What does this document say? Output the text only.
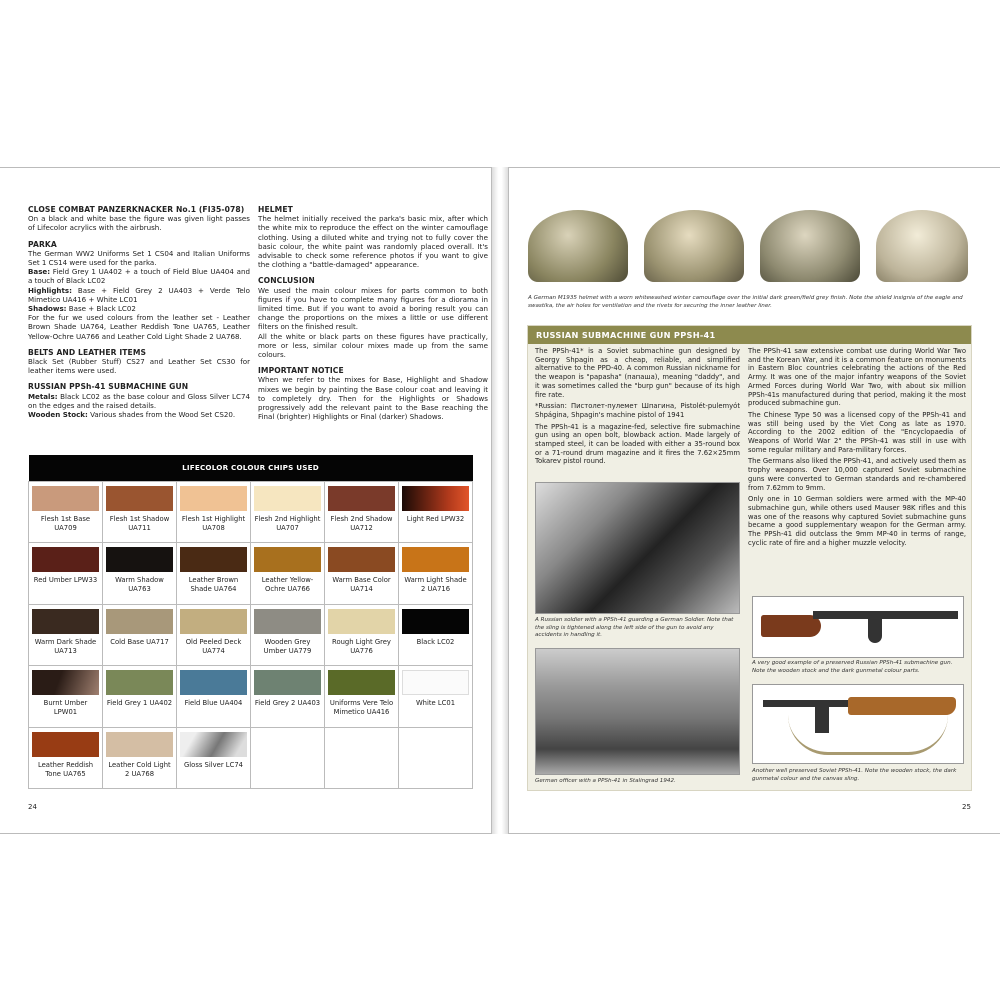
CLOSE COMBAT PANZERKNACKER No.1 (FI35-078)
On a black and white base the figure was given light passes of Lifecolor acrylics with the airbrush.
PARKA
The German WW2 Uniforms Set 1 CS04 and Italian Uniforms Set 1 CS14 were used for the parka.
Base: Field Grey 1 UA402 + a touch of Field Blue UA404 and a touch of Black LC02
Highlights: Base + Field Grey 2 UA403 + Verde Telo Mimetico UA416 + White LC01
Shadows: Base + Black LC02
For the fur we used colours from the leather set - Leather Brown Shade UA764, Leather Reddish Tone UA765, Leather Yellow-Ochre UA766 and Leather Cold Light Shade 2 UA768.
BELTS AND LEATHER ITEMS
Black Set (Rubber Stuff) CS27 and Leather Set CS30 for leather items were used.
RUSSIAN PPSh-41 SUBMACHINE GUN
Metals: Black LC02 as the base colour and Gloss Silver LC74 on the edges and the raised details.
Wooden Stock: Various shades from the Wood Set CS20.
HELMET
The helmet initially received the parka's basic mix, after which the white mix to reproduce the effect on the winter camouflage clothing. Using a diluted white and trying not to fully cover the basic colour, the white paint was randomly placed overall. It's advisable to check some reference photos if you want to give the clothing a "battle-damaged" appearance.
CONCLUSION
We used the main colour mixes for parts common to both figures if you have to complete many figures for a diorama in limited time. But if you want to avoid a boring result you can change the proportions on the mixes a little or use different filters on the finished result.
All the white or black parts on these figures have practically, more or less, similar colour mixes made up from the same colours.
IMPORTANT NOTICE
When we refer to the mixes for Base, Highlight and Shadow mixes we begin by painting the Base colour coat and leaving it to completely dry. Then for the Highlights or Shadows progressively add the relevant paint to the Base reaching the Final (brighter) Highlights or Final (darker) Shadows.
LIFECOLOR COLOUR CHIPS USED					

Flesh 1st Base UA709	Flesh 1st Shadow UA711	Flesh 1st Highlight UA708	Flesh 2nd Highlight UA707	Flesh 2nd Shadow UA712	Light Red LPW32

Red Umber LPW33	Warm Shadow UA763	Leather Brown Shade UA764	Leather Yellow-Ochre UA766	Warm Base Color UA714	Warm Light Shade 2 UA716

Warm Dark Shade UA713	Cold Base UA717	Old Peeled Deck UA774	Wooden Grey Umber UA779	Rough Light Grey UA776	Black LC02

Burnt Umber LPW01	Field Grey 1 UA402	Field Blue UA404	Field Grey 2 UA403	Uniforms Vere Telo Mimetico UA416	White LC01

Leather Reddish Tone UA765	Leather Cold Light 2 UA768	Gloss Silver LC74			

24
A German M1935 helmet with a worn whitewashed winter camouflage over the initial dark green/field grey finish. Note the shield insignia of the eagle and swastika, the air holes for ventilation and the rivets for securing the inner leather liner.
RUSSIAN SUBMACHINE GUN PPSH-41

The PPSh-41* is a Soviet submachine gun designed by Georgy Shpagin as a cheap, reliable, and simplified alternative to the PPD-40. A common Russian nickname for the weapon is "papasha" (папаша), meaning "daddy", and it was sometimes called the "burp gun" because of its high fire rate.

*Russian: Пистолет-пулемет Шпагина, Pistolét-pulemyót Shpágina, Shpagin's machine pistol of 1941

The PPSh-41 is a magazine-fed, selective fire submachine gun using an open bolt, blowback action. Made largely of stamped steel, it can be loaded with either a 35-round box or a 71-round drum magazine and it fires the 7.62×25mm Tokarev pistol round.

The PPSh-41 saw extensive combat use during World War Two and the Korean War, and it is a common feature on monuments in Eastern Bloc countries celebrating the actions of the Red Army. It was one of the major infantry weapons of the Soviet Armed Forces during World War Two, with about six million PPSh-41s manufactured during that period, making it the most produced submachine gun.

The Chinese Type 50 was a licensed copy of the PPSh-41 and was still being used by the Viet Cong as late as 1970. According to the 2002 edition of the "Encyclopaedia of Weapons of World War 2" the PPSh-41 was still in use with some regular military and Para-military forces.

The Germans also liked the PPSh-41, and actively used them as trophy weapons. Over 10,000 captured Soviet submachine guns were converted to German standards and re-chambered from 7.62mm to 9mm.

Only one in 10 German soldiers were armed with the MP-40 submachine gun, while others used Mauser 98K rifles and this was one of the reasons why captured Soviet submachine guns became a good supplementary weapon for the German army. The PPSh-41 did outclass the 9mm MP-40 in terms of range, cyclic rate of fire and a higher muzzle velocity.

A Russian soldier with a PPSh-41 guarding a German Soldier. Note that the sling is tightened along the left side of the gun to avoid any accidents in handling it.
German officer with a PPSh-41 in Stalingrad 1942.
A very good example of a preserved Russian PPSh-41 submachine gun. Note the wooden stock and the dark gunmetal colour parts.
Another well preserved Soviet PPSh-41. Note the wooden stock, the dark gunmetal colour and the canvas sling.
25
